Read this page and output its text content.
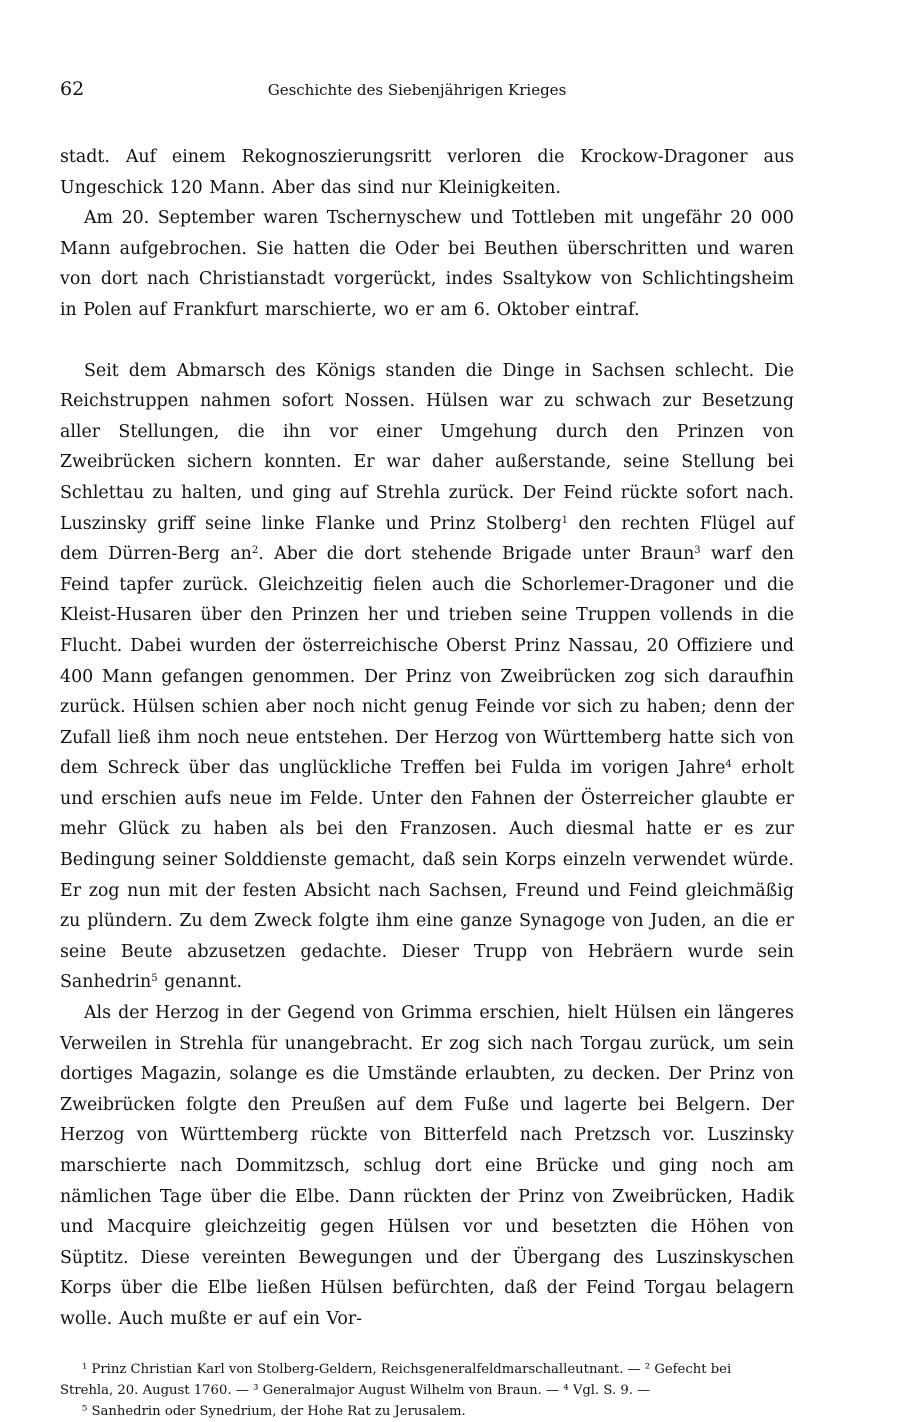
62	Geschichte des Siebenjährigen Krieges

stadt. Auf einem Rekognoszierungsritt verloren die Krockow-Dragoner aus Ungeschick 120 Mann. Aber das sind nur Kleinigkeiten.

Am 20. September waren Tschernyschew und Tottleben mit ungefähr 20 000 Mann aufgebrochen. Sie hatten die Oder bei Beuthen überschritten und waren von dort nach Christianstadt vorgerückt, indes Ssaltykow von Schlichtingsheim in Polen auf Frankfurt marschierte, wo er am 6. Oktober eintraf.

Seit dem Abmarsch des Königs standen die Dinge in Sachsen schlecht. Die Reichstruppen nahmen sofort Nossen. Hülsen war zu schwach zur Besetzung aller Stellungen, die ihn vor einer Umgehung durch den Prinzen von Zweibrücken sichern konnten. Er war daher außerstande, seine Stellung bei Schlettau zu halten, und ging auf Strehla zurück. Der Feind rückte sofort nach. Luszinsky griff seine linke Flanke und Prinz Stolberg$^1$ den rechten Flügel auf dem Dürren-Berg $an^2$. Aber die dort stehende Brigade unter Braun$^3$ warf den Feind tapfer zurück. Gleichzeitig fielen auch die Schorlemer-Dragoner und die Kleist-Husaren über den Prinzen her und trieben seine Truppen vollends in die Flucht. Dabei wurden der österreichische Oberst Prinz Nassau, 20 Offiziere und 400 Mann gefangen genommen. Der Prinz von Zweibrücken zog sich daraufhin zurück. Hülsen schien aber noch nicht genug Feinde vor sich zu haben; denn der Zufall ließ ihm noch neue entstehen. Der Herzog von Württemberg hatte sich von dem Schreck über das unglückliche Treffen bei Fulda im vorigen Jahre$^4$ erholt und erschien aufs neue im Felde. Unter den Fahnen der Österreicher glaubte er mehr Glück zu haben als bei den Franzosen. Auch diesmal hatte er es zur Bedingung seiner Solddienste gemacht, daß sein Korps einzeln verwendet würde. Er zog nun mit der festen Absicht nach Sachsen, Freund und Feind gleichmäßig zu plündern. Zu dem Zweck folgte ihm eine ganze Synagoge von Juden, an die er seine Beute abzusetzen gedachte. Dieser Trupp von Hebräern wurde sein Sanhedrin$^5$ genannt.

Als der Herzog in der Gegend von Grimma erschien, hielt Hülsen ein längeres Verweilen in Strehla für unangebracht. Er zog sich nach Torgau zurück, um sein dortiges Magazin, solange es die Umstände erlaubten, zu decken. Der Prinz von Zweibrücken folgte den Preußen auf dem Fuße und lagerte bei Belgern. Der Herzog von Württemberg rückte von Bitterfeld nach Pretzsch vor. Luszinsky marschierte nach Dommitzsch, schlug dort eine Brücke und ging noch am nämlichen Tage über die Elbe. Dann rückten der Prinz von Zweibrücken, Hadik und Macquire gleichzeitig gegen Hülsen vor und besetzten die Höhen von Süptitz. Diese vereinten Bewegungen und der Übergang des Luszinskyschen Korps über die Elbe ließen Hülsen befürchten, daß der Feind Torgau belagern wolle. Auch mußte er auf ein Vor-

¹ Prinz Christian Karl von Stolberg-Geldern, Reichsgeneralfeldmarschalleutnant. — ² Gefecht bei
Strehla, 20. August 1760. — ³ Generalmajor August Wilhelm von Braun. — ⁴ Vgl. S. 9. —
⁵ Sanhedrin oder Synedrium, der Hohe Rat zu Jerusalem.
